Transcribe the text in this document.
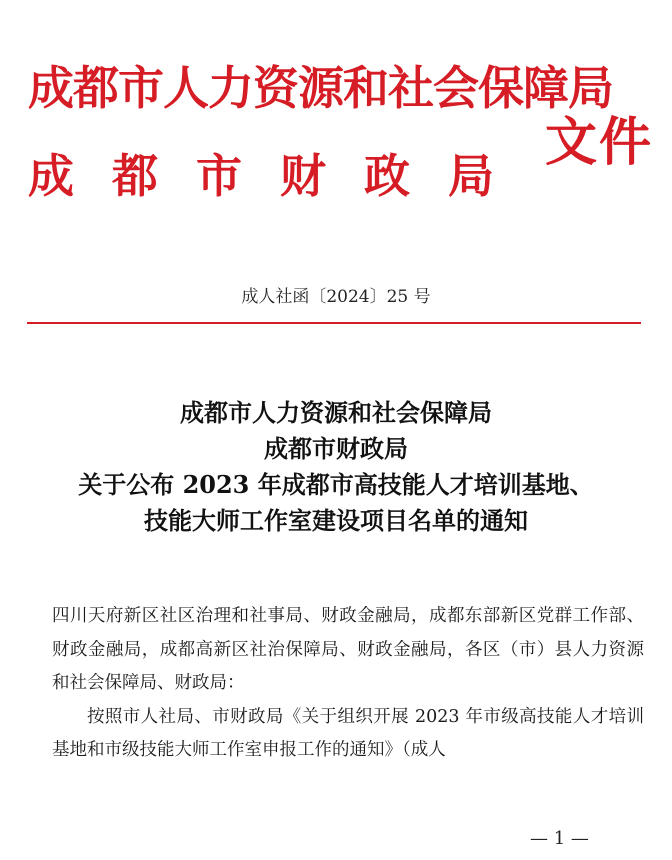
成都市人力资源和社会保障局
成都市财政局
文件
成人社函〔2024〕25 号
成都市人力资源和社会保障局
成都市财政局
关于公布 2023 年成都市高技能人才培训基地、
技能大师工作室建设项目名单的通知

四川天府新区社区治理和社事局、财政金融局，成都东部新区党群工作部、财政金融局，成都高新区社治保障局、财政金融局，各区（市）县人力资源和社会保障局、财政局：

按照市人社局、市财政局《关于组织开展 2023 年市级高技能人才培训基地和市级技能大师工作室申报工作的通知》（成人

— 1 —
